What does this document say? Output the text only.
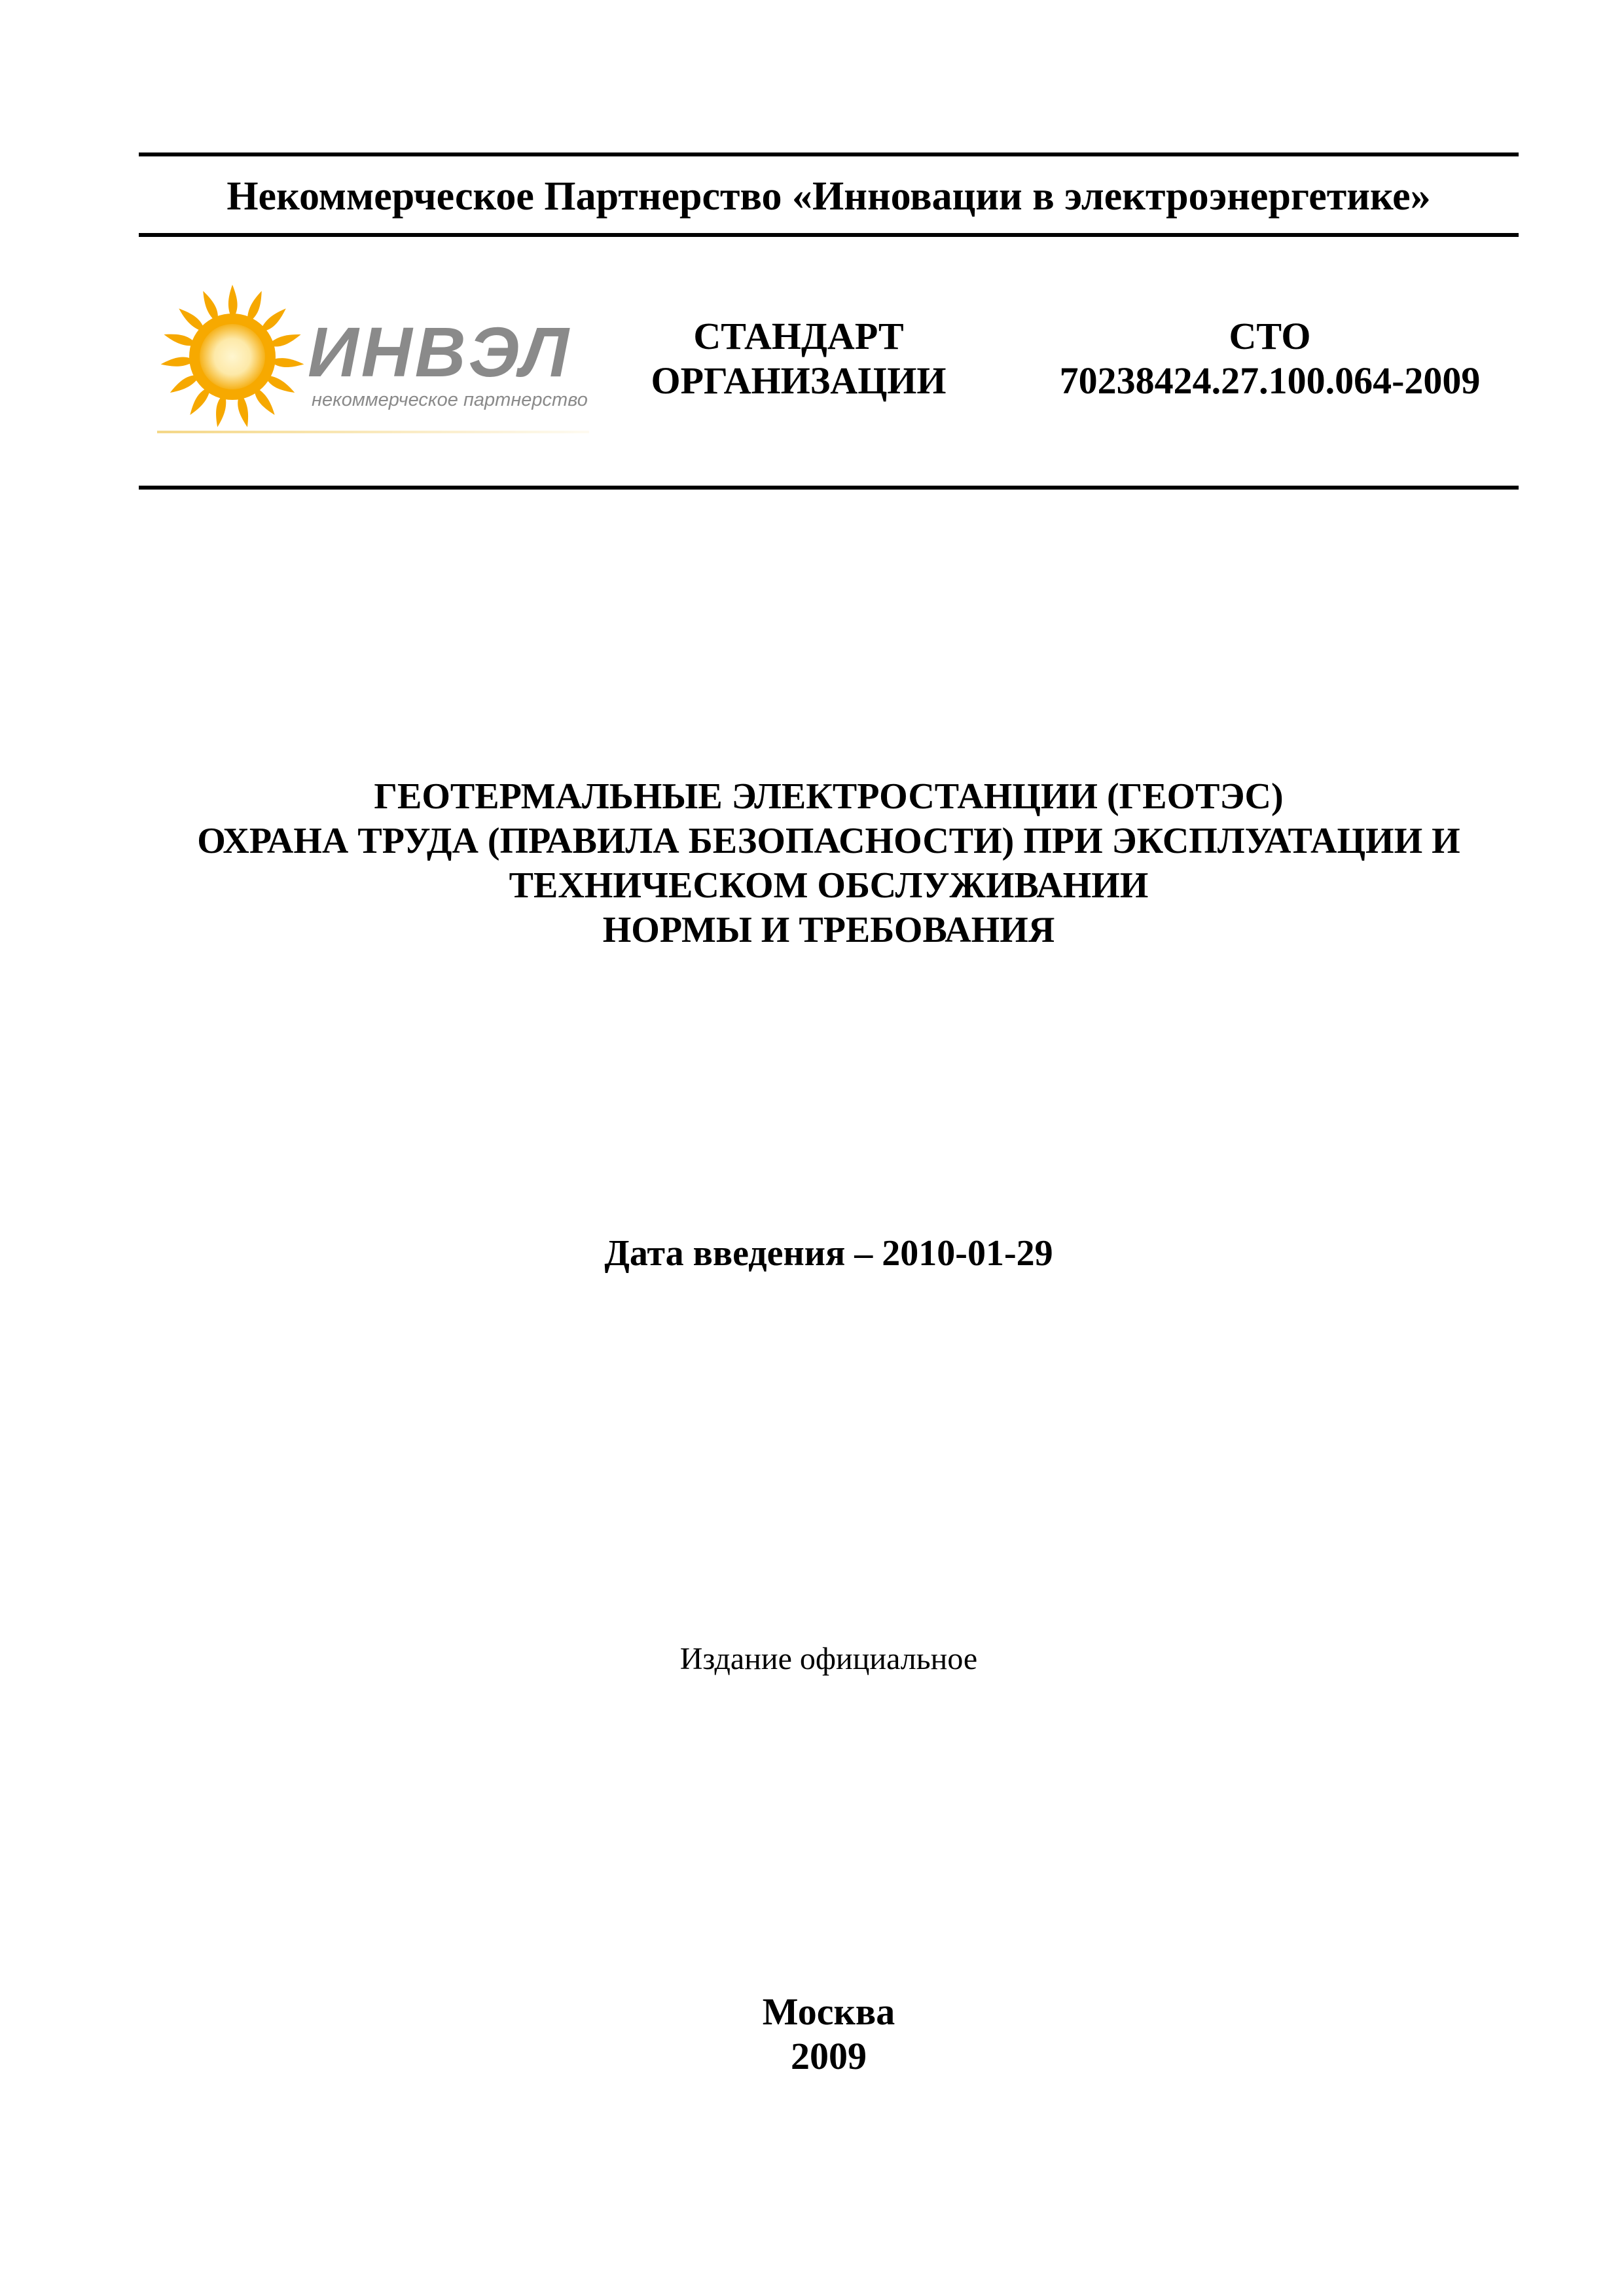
Некоммерческое Партнерство «Инновации в электроэнергетике»
ИНВЭЛ
некоммерческое партнерство
СТАНДАРТ
ОРГАНИЗАЦИИ
СТО
70238424.27.100.064-2009
ГЕОТЕРМАЛЬНЫЕ ЭЛЕКТРОСТАНЦИИ (ГЕОТЭС)
ОХРАНА ТРУДА (ПРАВИЛА БЕЗОПАСНОСТИ) ПРИ ЭКСПЛУАТАЦИИ И
ТЕХНИЧЕСКОМ ОБСЛУЖИВАНИИ
НОРМЫ И ТРЕБОВАНИЯ
Дата введения – 2010-01-29
Издание официальное
Москва
2009
